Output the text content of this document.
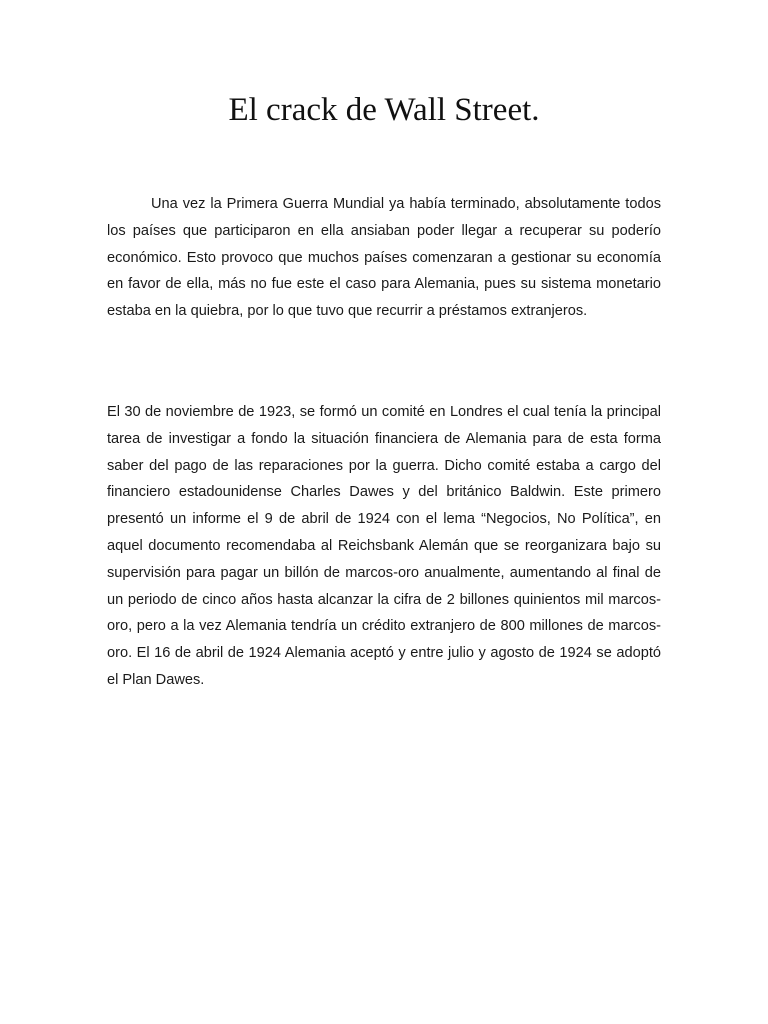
El crack de Wall Street.

Una vez la Primera Guerra Mundial ya había terminado, absolutamente todos los países que participaron en ella ansiaban poder llegar a recuperar su poderío económico. Esto provoco que muchos países comenzaran a gestionar su economía en favor de ella, más no fue este el caso para Alemania, pues su sistema monetario estaba en la quiebra, por lo que tuvo que recurrir a préstamos extranjeros.

El 30 de noviembre de 1923, se formó un comité en Londres el cual tenía la principal tarea de investigar a fondo la situación financiera de Alemania para de esta forma saber del pago de las reparaciones por la guerra. Dicho comité estaba a cargo del financiero estadounidense Charles Dawes y del británico Baldwin. Este primero presentó un informe el 9 de abril de 1924 con el lema “Negocios, No Política”, en aquel documento recomendaba al Reichsbank Alemán que se reorganizara bajo su supervisión para pagar un billón de marcos-oro anualmente, aumentando al final de un periodo de cinco años hasta alcanzar la cifra de 2 billones quinientos mil marcos-oro, pero a la vez Alemania tendría un crédito extranjero de 800 millones de marcos-oro. El 16 de abril de 1924 Alemania aceptó y entre julio y agosto de 1924 se adoptó el Plan Dawes.
